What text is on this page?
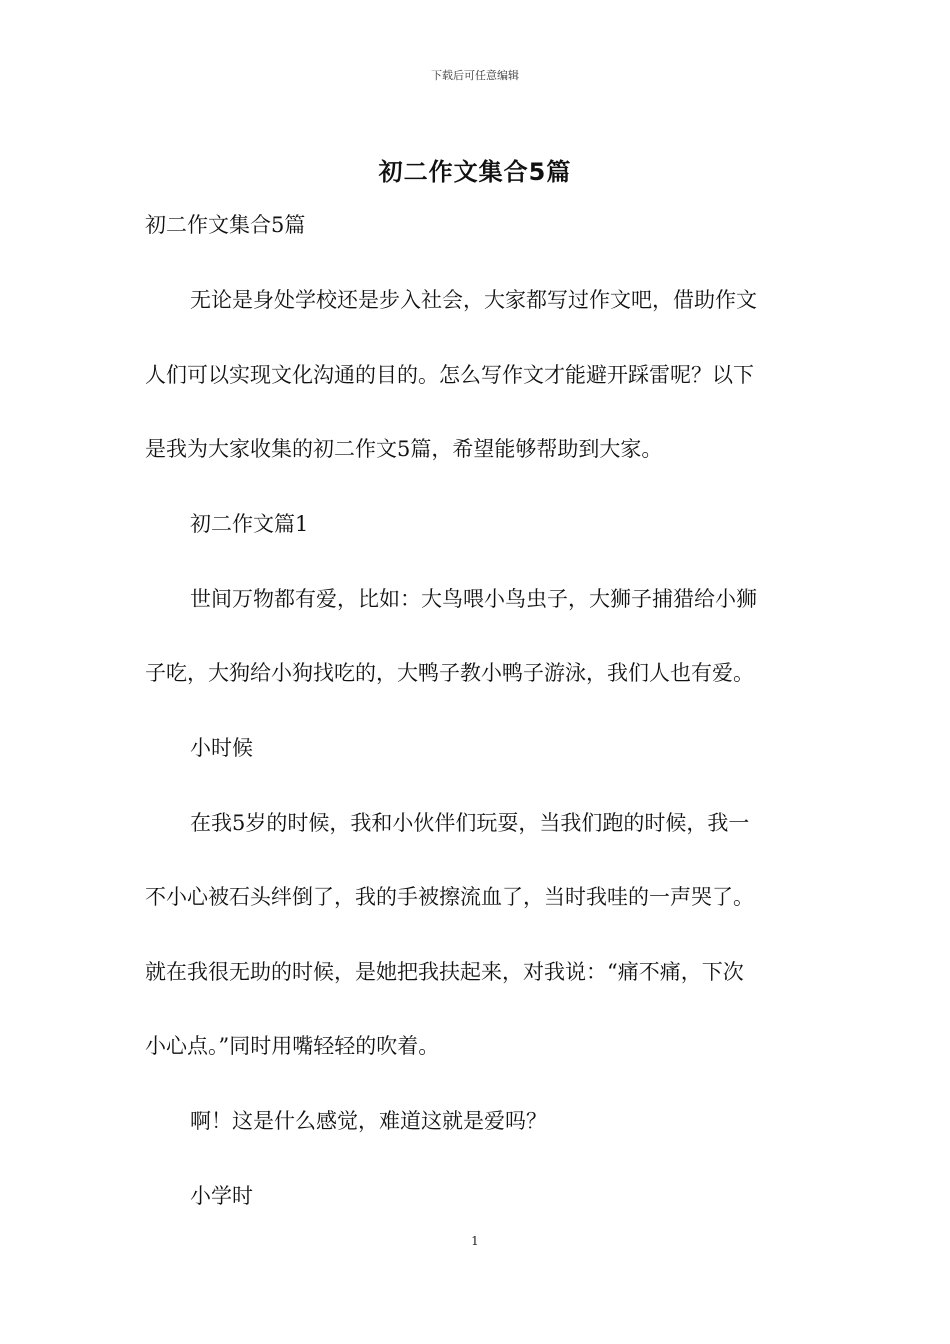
下载后可任意编辑
初二作文集合5篇
初二作文集合5篇
无论是身处学校还是步入社会，大家都写过作文吧，借助作文
人们可以实现文化沟通的目的。怎么写作文才能避开踩雷呢？以下
是我为大家收集的初二作文5篇，希望能够帮助到大家。
初二作文篇1
世间万物都有爱，比如：大鸟喂小鸟虫子，大狮子捕猎给小狮
子吃，大狗给小狗找吃的，大鸭子教小鸭子游泳，我们人也有爱。
小时候
在我5岁的时候，我和小伙伴们玩耍，当我们跑的时候，我一
不小心被石头绊倒了，我的手被擦流血了，当时我哇的一声哭了。
就在我很无助的时候，是她把我扶起来，对我说：“痛不痛，下次
小心点。”同时用嘴轻轻的吹着。
啊！这是什么感觉，难道这就是爱吗？
小学时
1
